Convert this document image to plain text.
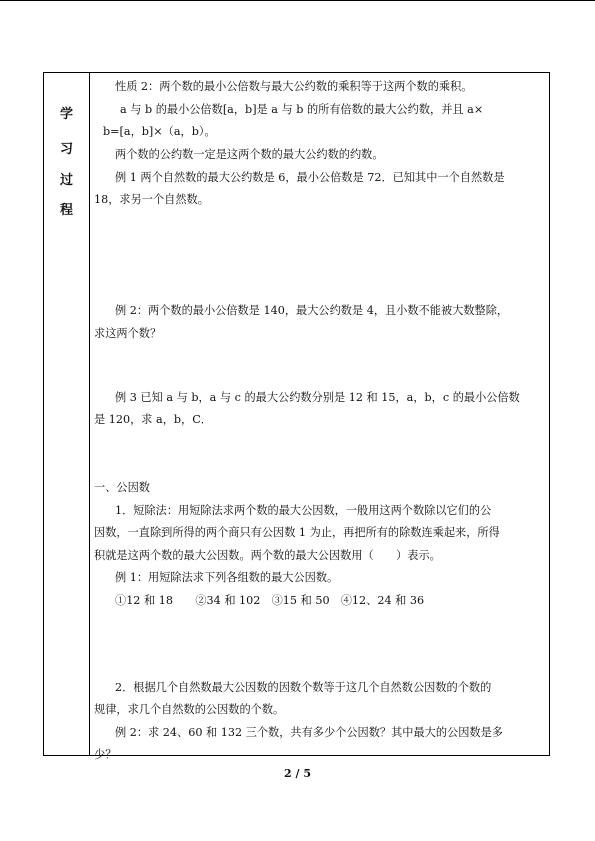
学
习
过
程
性质 2：两个数的最小公倍数与最大公约数的乘积等于这两个数的乘积。
a 与 b 的最小公倍数[a，b]是 a 与 b 的所有倍数的最大公约数，并且 a×
b=[a，b]×（a，b）。
两个数的公约数一定是这两个数的最大公约数的约数。
例 1 两个自然数的最大公约数是 6，最小公倍数是 72．已知其中一个自然数是
18，求另一个自然数。
例 2：两个数的最小公倍数是 140，最大公约数是 4，且小数不能被大数整除，
求这两个数？
例 3 已知 a 与 b，a 与 c 的最大公约数分别是 12 和 15，a，b，c 的最小公倍数
是 120，求 a，b，C．
一、公因数
1．短除法：用短除法求两个数的最大公因数，一般用这两个数除以它们的公
因数，一直除到所得的两个商只有公因数 1 为止，再把所有的除数连乘起来，所得
积就是这两个数的最大公因数。两个数的最大公因数用（　　）表示。
例 1：用短除法求下列各组数的最大公因数。
①12 和 18　　②34 和 102　③15 和 50　④12、24 和 36
2．根据几个自然数最大公因数的因数个数等于这几个自然数公因数的个数的
规律，求几个自然数的公因数的个数。
例 2：求 24、60 和 132 三个数，共有多少个公因数？其中最大的公因数是多
少？
2 / 5
